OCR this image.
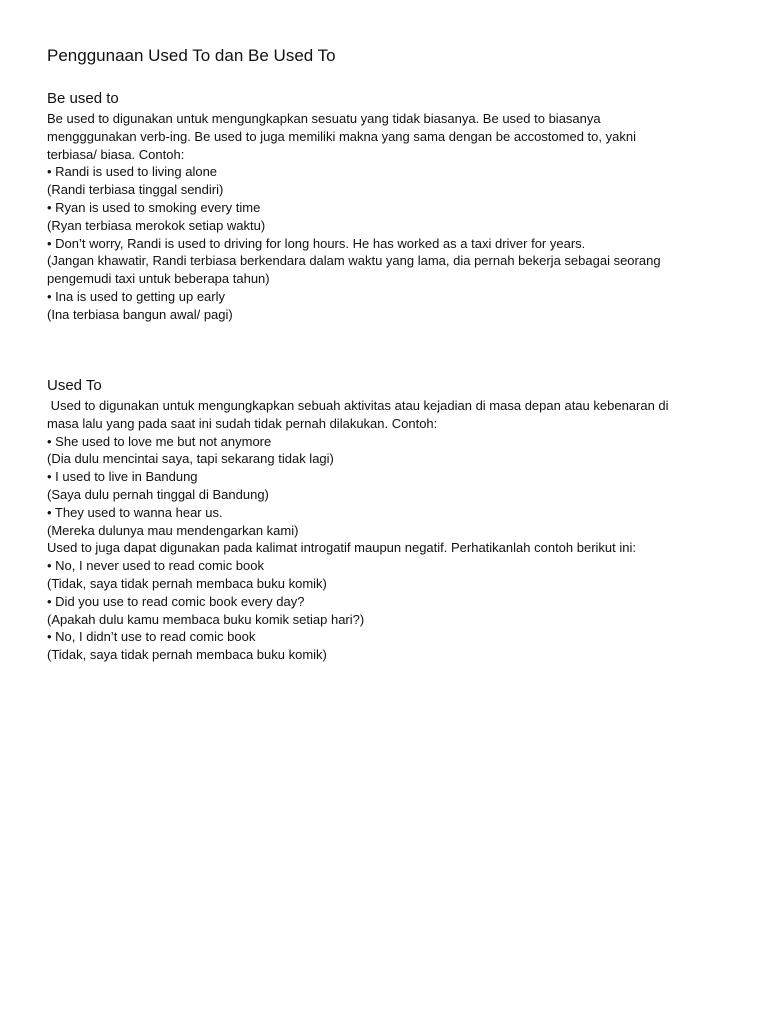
Penggunaan Used To dan Be Used To
Be used to
Be used to digunakan untuk mengungkapkan sesuatu yang tidak biasanya. Be used to biasanya
mengggunakan verb-ing. Be used to juga memiliki makna yang sama dengan be accostomed to, yakni
terbiasa/ biasa. Contoh:
• Randi is used to living alone
(Randi terbiasa tinggal sendiri)
• Ryan is used to smoking every time
(Ryan terbiasa merokok setiap waktu)
• Don’t worry, Randi is used to driving for long hours. He has worked as a taxi driver for years.
(Jangan khawatir, Randi terbiasa berkendara dalam waktu yang lama, dia pernah bekerja sebagai seorang
pengemudi taxi untuk beberapa tahun)
• Ina is used to getting up early
(Ina terbiasa bangun awal/ pagi)
Used To
Used to digunakan untuk mengungkapkan sebuah aktivitas atau kejadian di masa depan atau kebenaran di
masa lalu yang pada saat ini sudah tidak pernah dilakukan. Contoh:
• She used to love me but not anymore
(Dia dulu mencintai saya, tapi sekarang tidak lagi)
• I used to live in Bandung
(Saya dulu pernah tinggal di Bandung)
• They used to wanna hear us.
(Mereka dulunya mau mendengarkan kami)
Used to juga dapat digunakan pada kalimat introgatif maupun negatif. Perhatikanlah contoh berikut ini:
• No, I never used to read comic book
(Tidak, saya tidak pernah membaca buku komik)
• Did you use to read comic book every day?
(Apakah dulu kamu membaca buku komik setiap hari?)
• No, I didn’t use to read comic book
(Tidak, saya tidak pernah membaca buku komik)
